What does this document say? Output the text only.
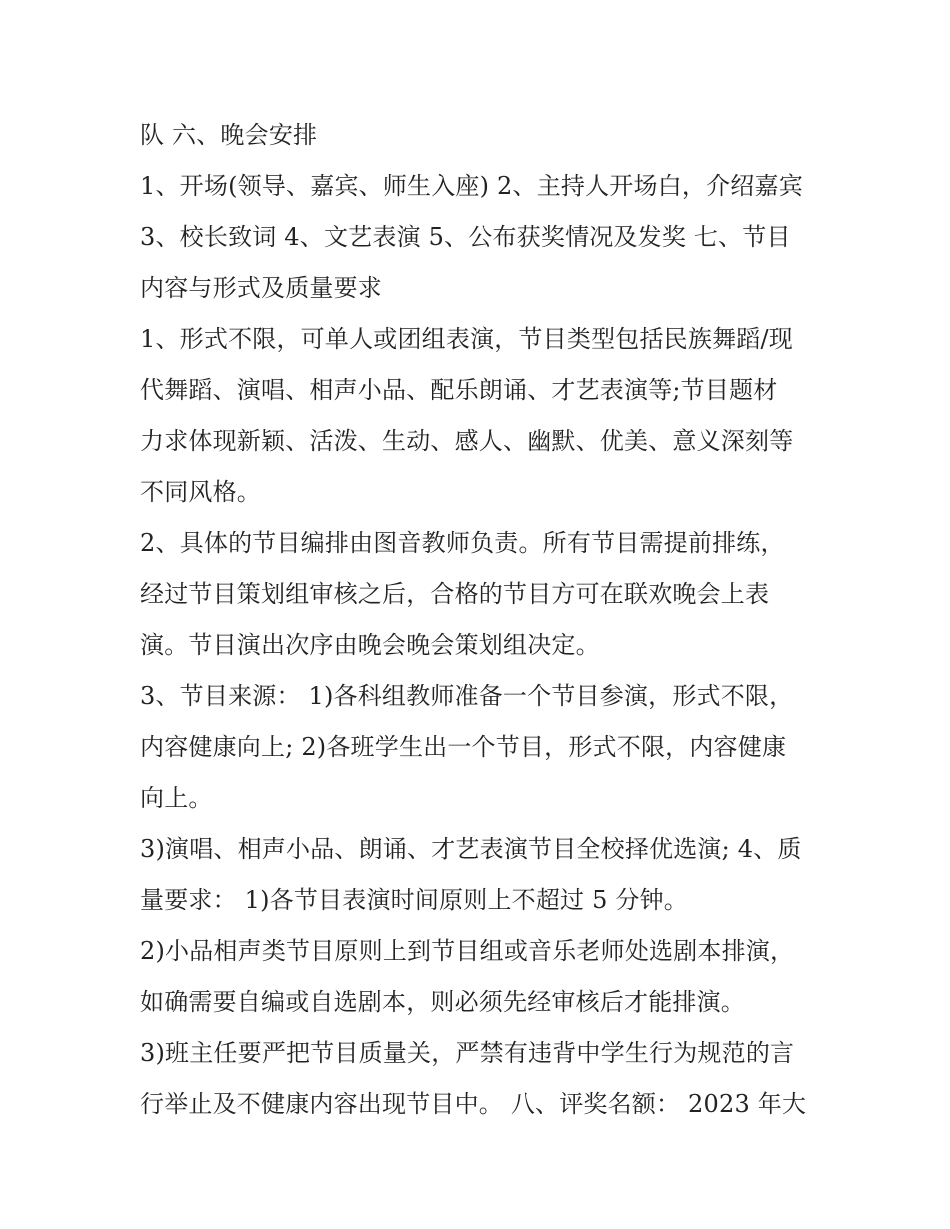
队 六、晚会安排
1、开场(领导、嘉宾、师生入座) 2、主持人开场白，介绍嘉宾
3、校长致词 4、文艺表演 5、公布获奖情况及发奖 七、节目
内容与形式及质量要求
1、形式不限，可单人或团组表演，节目类型包括民族舞蹈/现
代舞蹈、演唱、相声小品、配乐朗诵、才艺表演等;节目题材
力求体现新颖、活泼、生动、感人、幽默、优美、意义深刻等
不同风格。
2、具体的节目编排由图音教师负责。所有节目需提前排练，
经过节目策划组审核之后，合格的节目方可在联欢晚会上表
演。节目演出次序由晚会晚会策划组决定。
3、节目来源： 1)各科组教师准备一个节目参演，形式不限，
内容健康向上; 2)各班学生出一个节目，形式不限，内容健康
向上。
3)演唱、相声小品、朗诵、才艺表演节目全校择优选演; 4、质
量要求： 1)各节目表演时间原则上不超过 5 分钟。
2)小品相声类节目原则上到节目组或音乐老师处选剧本排演，
如确需要自编或自选剧本，则必须先经审核后才能排演。
3)班主任要严把节目质量关，严禁有违背中学生行为规范的言
行举止及不健康内容出现节目中。 八、评奖名额： 2023 年大
